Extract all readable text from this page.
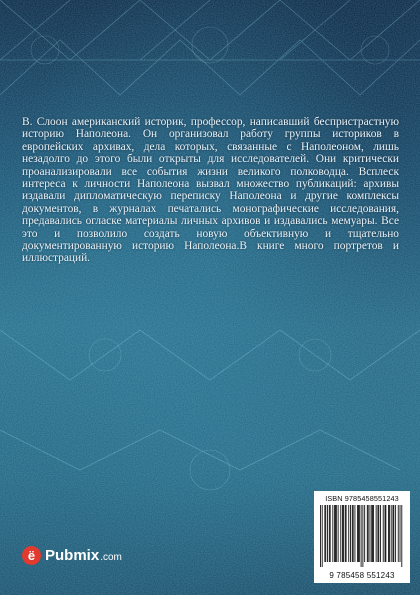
В. Слоон американский историк, профессор, написавший беспристрастную историю Наполеона. Он организовал работу группы историков в европейских архивах, дела которых, связанные с Наполеоном, лишь незадолго до этого были открыты для исследователей. Они критически проанализировали все события жизни великого полководца. Всплеск интереса к личности Наполеона вызвал множество публикаций: архивы издавали дипломатическую переписку Наполеона и другие комплексы документов, в журналах печатались монографические исследования, предавались огласке материалы личных архивов и издавались мемуары. Все это и позволило создать новую объективную и тщательно документированную историю Наполеона.В книге много портретов и иллюстраций.

ISBN 9785458551243
9 785458 551243
ё Pubmix .com
